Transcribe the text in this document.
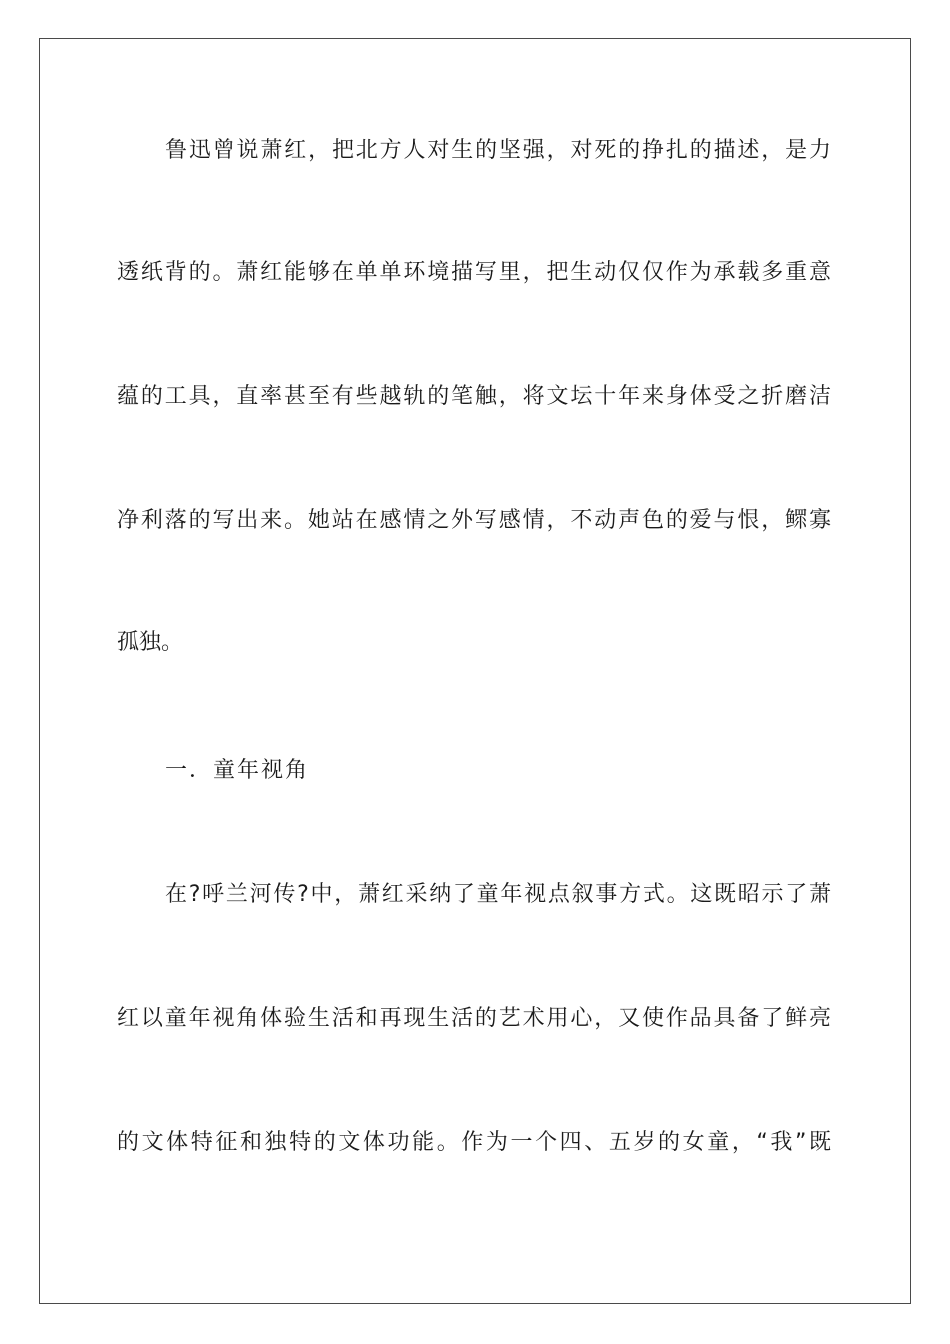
鲁迅曾说萧红，把北方人对生的坚强，对死的挣扎的描述，是力
透纸背的。萧红能够在单单环境描写里，把生动仅仅作为承载多重意
蕴的工具，直率甚至有些越轨的笔触，将文坛十年来身体受之折磨洁
净利落的写出来。她站在感情之外写感情，不动声色的爱与恨，鳏寡
孤独。
一．童年视角
在?呼兰河传?中，萧红采纳了童年视点叙事方式。这既昭示了萧
红以童年视角体验生活和再现生活的艺术用心，又使作品具备了鲜亮
的文体特征和独特的文体功能。作为一个四、五岁的女童，“我”既
